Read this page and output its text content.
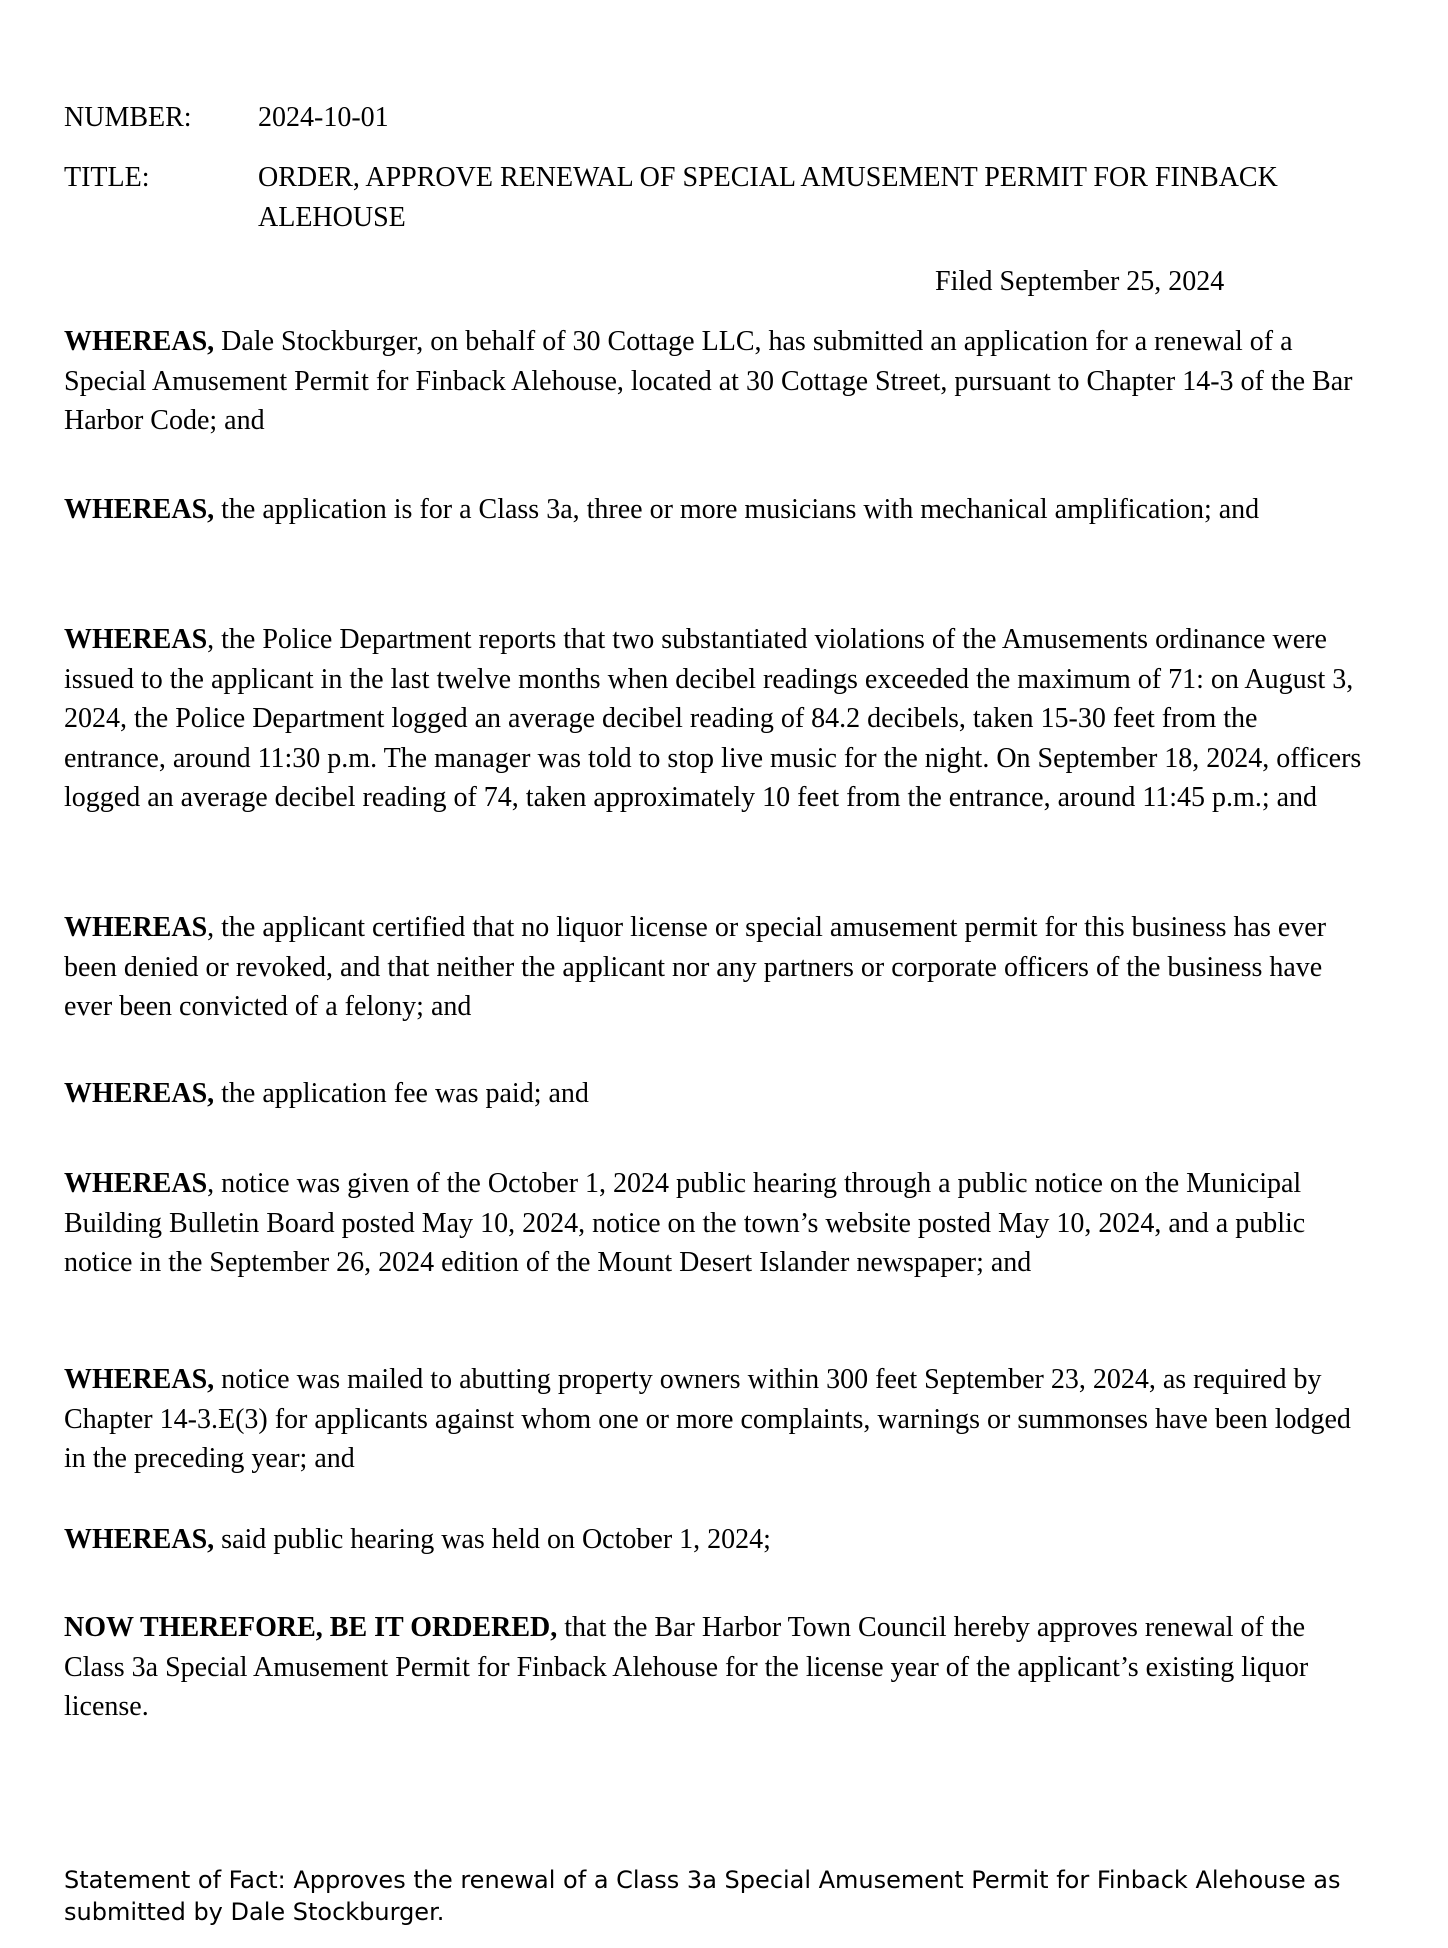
NUMBER: 2024-10-01
TITLE:	ORDER, APPROVE RENEWAL OF SPECIAL AMUSEMENT PERMIT FOR FINBACK ALEHOUSE
Filed September 25, 2024

WHEREAS, Dale Stockburger, on behalf of 30 Cottage LLC, has submitted an application for a renewal of a Special Amusement Permit for Finback Alehouse, located at 30 Cottage Street, pursuant to Chapter 14-3 of the Bar Harbor Code; and

WHEREAS, the application is for a Class 3a, three or more musicians with mechanical amplification; and

WHEREAS, the Police Department reports that two substantiated violations of the Amusements ordinance were issued to the applicant in the last twelve months when decibel readings exceeded the maximum of 71: on August 3, 2024, the Police Department logged an average decibel reading of 84.2 decibels, taken 15-30 feet from the entrance, around 11:30 p.m. The manager was told to stop live music for the night. On September 18, 2024, officers logged an average decibel reading of 74, taken approximately 10 feet from the entrance, around 11:45 p.m.; and

WHEREAS, the applicant certified that no liquor license or special amusement permit for this business has ever been denied or revoked, and that neither the applicant nor any partners or corporate officers of the business have ever been convicted of a felony; and

WHEREAS, the application fee was paid; and

WHEREAS, notice was given of the October 1, 2024 public hearing through a public notice on the Municipal Building Bulletin Board posted May 10, 2024, notice on the town’s website posted May 10, 2024, and a public notice in the September 26, 2024 edition of the Mount Desert Islander newspaper; and

WHEREAS, notice was mailed to abutting property owners within 300 feet September 23, 2024, as required by Chapter 14-3.E(3) for applicants against whom one or more complaints, warnings or summonses have been lodged in the preceding year; and

WHEREAS, said public hearing was held on October 1, 2024;

NOW THEREFORE, BE IT ORDERED, that the Bar Harbor Town Council hereby approves renewal of the Class 3a Special Amusement Permit for Finback Alehouse for the license year of the applicant’s existing liquor license.

Statement of Fact: Approves the renewal of a Class 3a Special Amusement Permit for Finback Alehouse as submitted by Dale Stockburger.
